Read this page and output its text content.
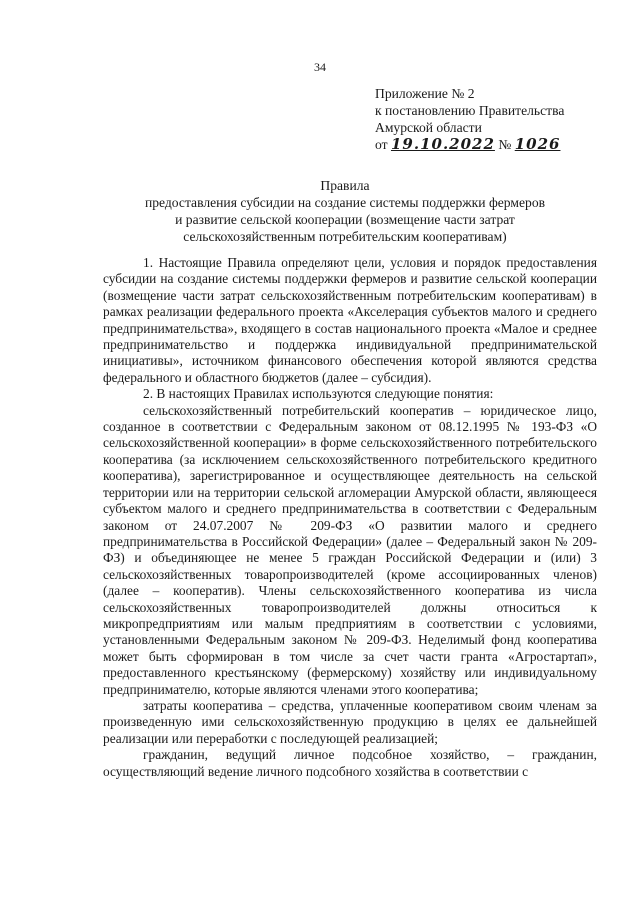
34
Приложение № 2
к постановлению Правительства
Амурской области
от 19.10.2022 № 1026
Правила
предоставления субсидии на создание системы поддержки фермеров
и развитие сельской кооперации (возмещение части затрат
сельскохозяйственным потребительским кооперативам)

1. Настоящие Правила определяют цели, условия и порядок предоставления субсидии на создание системы поддержки фермеров и развитие сельской кооперации (возмещение части затрат сельскохозяйственным потребительским кооперативам) в рамках реализации федерального проекта «Акселерация субъектов малого и среднего предпринимательства», входящего в состав национального проекта «Малое и среднее предпринимательство и поддержка индивидуальной предпринимательской инициативы», источником финансового обеспечения которой являются средства федерального и областного бюджетов (далее – субсидия).

2. В настоящих Правилах используются следующие понятия:

сельскохозяйственный потребительский кооператив – юридическое лицо, созданное в соответствии с Федеральным законом от 08.12.1995 № 193-ФЗ «О сельскохозяйственной кооперации» в форме сельскохозяйственного потребительского кооператива (за исключением сельскохозяйственного потребительского кредитного кооператива), зарегистрированное и осуществляющее деятельность на сельской территории или на территории сельской агломерации Амурской области, являющееся субъектом малого и среднего предпринимательства в соответствии с Федеральным законом от 24.07.2007 № 209-ФЗ «О развитии малого и среднего предпринимательства в Российской Федерации» (далее – Федеральный закон № 209-ФЗ) и объединяющее не менее 5 граждан Российской Федерации и (или) 3 сельскохозяйственных товаропроизводителей (кроме ассоциированных членов) (далее – кооператив). Члены сельскохозяйственного кооператива из числа сельскохозяйственных товаропроизводителей должны относиться к микропредприятиям или малым предприятиям в соответствии с условиями, установленными Федеральным законом № 209-ФЗ. Неделимый фонд кооператива может быть сформирован в том числе за счет части гранта «Агростартап», предоставленного крестьянскому (фермерскому) хозяйству или индивидуальному предпринимателю, которые являются членами этого кооператива;

затраты кооператива – средства, уплаченные кооперативом своим членам за произведенную ими сельскохозяйственную продукцию в целях ее дальнейшей реализации или переработки с последующей реализацией;

гражданин, ведущий личное подсобное хозяйство, – гражданин, осуществляющий ведение личного подсобного хозяйства в соответствии с
